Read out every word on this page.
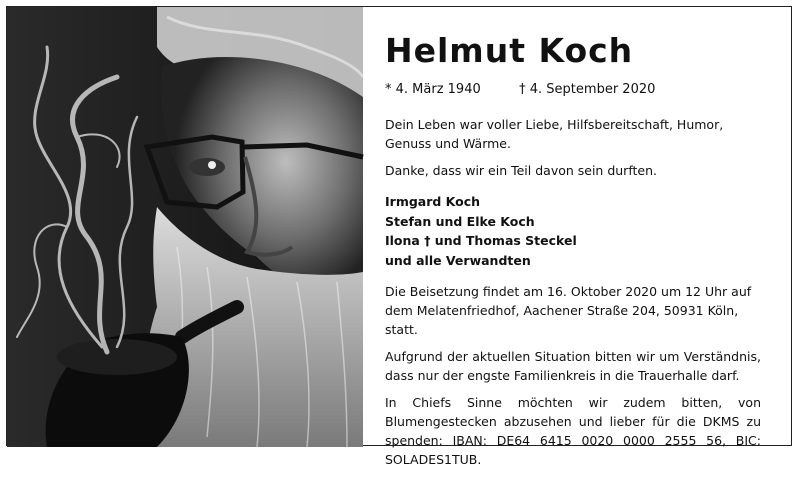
Helmut Koch
* 4. März 1940	† 4. September 2020

Dein Leben war voller Liebe, Hilfsbereitschaft, Humor, Genuss und Wärme.

Danke, dass wir ein Teil davon sein durften.

Irmgard Koch
Stefan und Elke Koch
Ilona † und Thomas Steckel
und alle Verwandten

Die Beisetzung findet am 16. Oktober 2020 um 12 Uhr auf dem Melatenfriedhof, Aachener Straße 204, 50931 Köln, statt.

Aufgrund der aktuellen Situation bitten wir um Verständnis, dass nur der engste Familienkreis in die Trauerhalle darf.

In Chiefs Sinne möchten wir zudem bitten, von Blumengestecken abzusehen und lieber für die DKMS zu spenden: IBAN: DE64 6415 0020 0000 2555 56, BIC: SOLADES1TUB.
